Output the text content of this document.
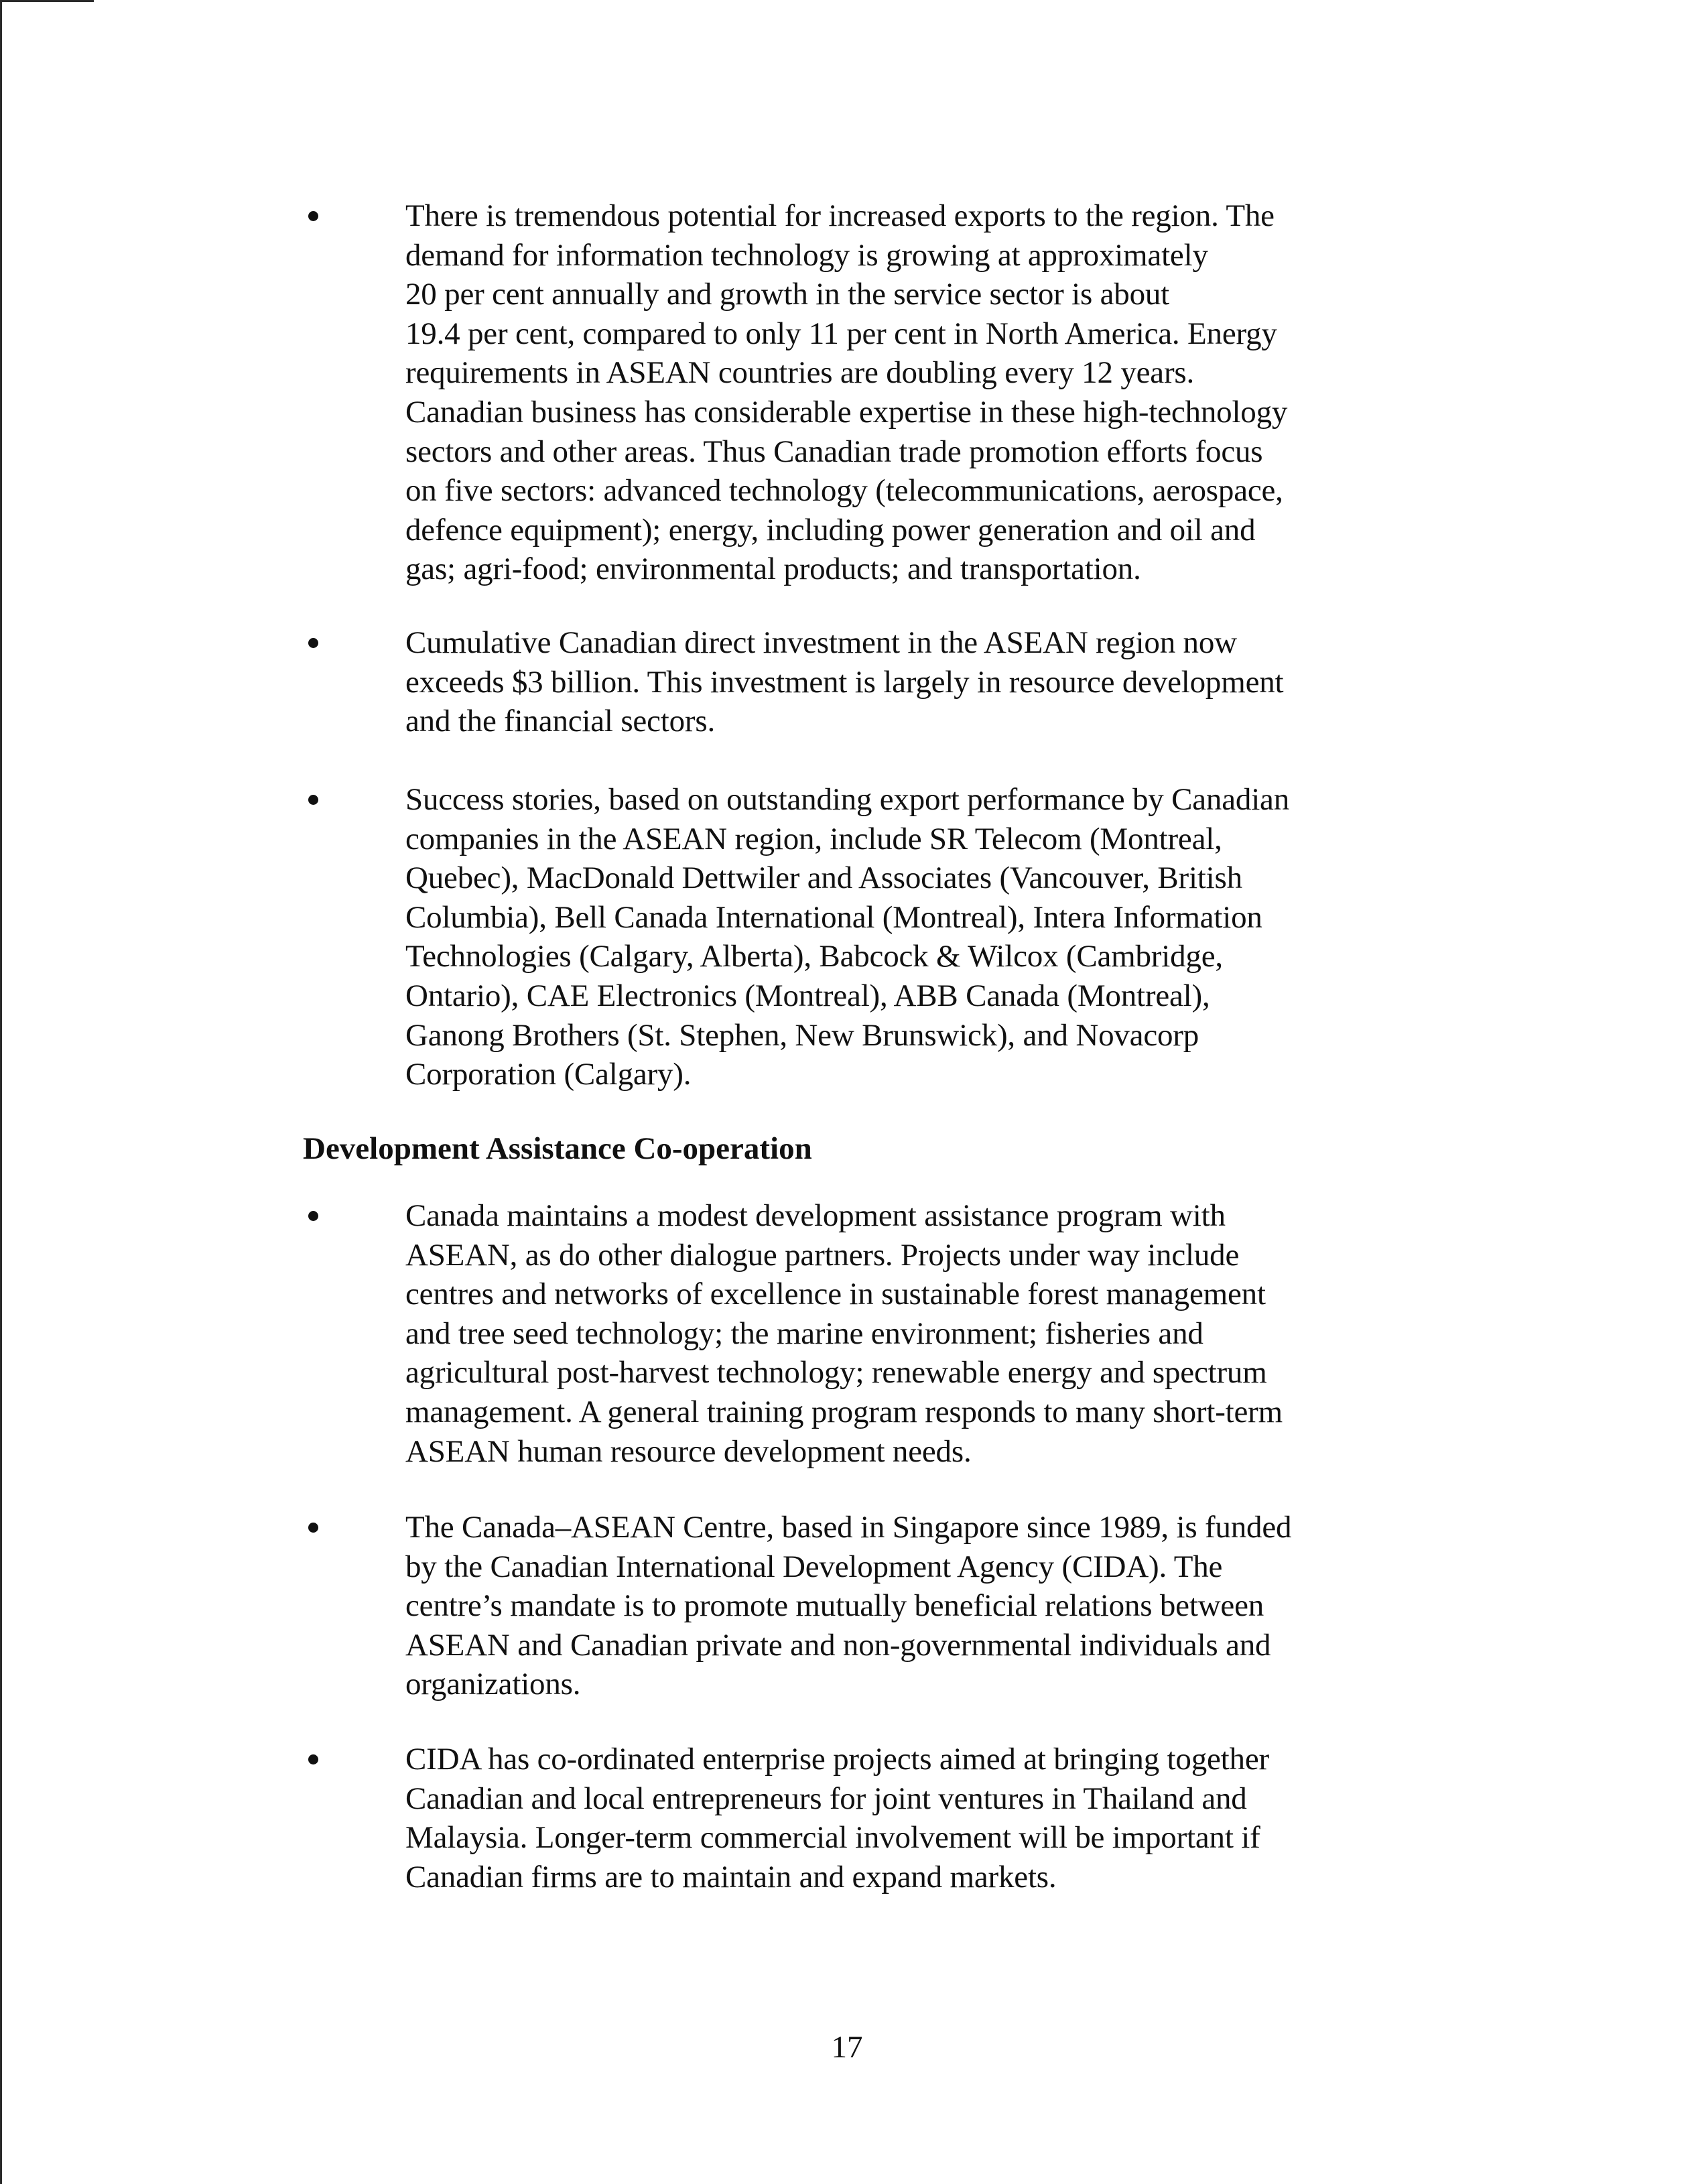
There is tremendous potential for increased exports to the region. The
demand for information technology is growing at approximately
20 per cent annually and growth in the service sector is about
19.4 per cent, compared to only 11 per cent in North America. Energy
requirements in ASEAN countries are doubling every 12 years.
Canadian business has considerable expertise in these high-technology
sectors and other areas. Thus Canadian trade promotion efforts focus
on five sectors: advanced technology (telecommunications, aerospace,
defence equipment); energy, including power generation and oil and
gas; agri-food; environmental products; and transportation.
Cumulative Canadian direct investment in the ASEAN region now
exceeds $3 billion. This investment is largely in resource development
and the financial sectors.
Success stories, based on outstanding export performance by Canadian
companies in the ASEAN region, include SR Telecom (Montreal,
Quebec), MacDonald Dettwiler and Associates (Vancouver, British
Columbia), Bell Canada International (Montreal), Intera Information
Technologies (Calgary, Alberta), Babcock & Wilcox (Cambridge,
Ontario), CAE Electronics (Montreal), ABB Canada (Montreal),
Ganong Brothers (St. Stephen, New Brunswick), and Novacorp
Corporation (Calgary).
Development Assistance Co-operation
Canada maintains a modest development assistance program with
ASEAN, as do other dialogue partners. Projects under way include
centres and networks of excellence in sustainable forest management
and tree seed technology; the marine environment; fisheries and
agricultural post-harvest technology; renewable energy and spectrum
management. A general training program responds to many short-term
ASEAN human resource development needs.
The Canada–ASEAN Centre, based in Singapore since 1989, is funded
by the Canadian International Development Agency (CIDA). The
centre’s mandate is to promote mutually beneficial relations between
ASEAN and Canadian private and non-governmental individuals and
organizations.
CIDA has co-ordinated enterprise projects aimed at bringing together
Canadian and local entrepreneurs for joint ventures in Thailand and
Malaysia. Longer-term commercial involvement will be important if
Canadian firms are to maintain and expand markets.
17
